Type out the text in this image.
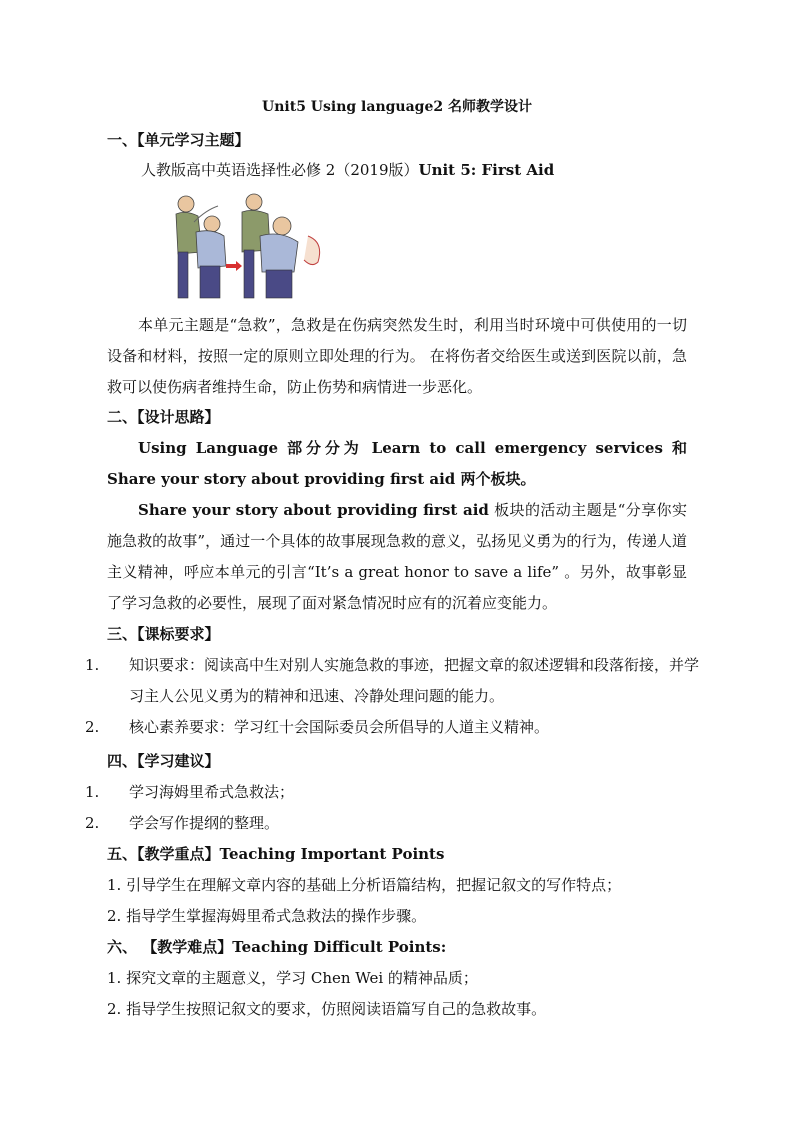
Unit5 Using language2 名师教学设计
一、【单元学习主题】
人教版高中英语选择性必修 2（2019版）Unit 5: First Aid
本单元主题是“急救”，急救是在伤病突然发生时，利用当时环境中可供使用的一切设备和材料，按照一定的原则立即处理的行为。 在将伤者交给医生或送到医院以前，急救可以使伤病者维持生命，防止伤势和病情进一步恶化。
二、【设计思路】
Using Language 部分分为 Learn to call emergency services 和 Share your story about providing first aid 两个板块。
Share your story about providing first aid 板块的活动主题是“分享你实施急救的故事”，通过一个具体的故事展现急救的意义，弘扬见义勇为的行为，传递人道主义精神，呼应本单元的引言“It’s a great honor to save a life” 。另外，故事彰显了学习急救的必要性，展现了面对紧急情况时应有的沉着应变能力。
三、【课标要求】
1. 知识要求：阅读高中生对别人实施急救的事迹，把握文章的叙述逻辑和段落衔接，并学习主人公见义勇为的精神和迅速、冷静处理问题的能力。
2. 核心素养要求：学习红十会国际委员会所倡导的人道主义精神。
四、【学习建议】
1. 学习海姆里希式急救法；
2. 学会写作提纲的整理。
五、【教学重点】Teaching Important Points
1. 引导学生在理解文章内容的基础上分析语篇结构，把握记叙文的写作特点；
2. 指导学生掌握海姆里希式急救法的操作步骤。
六、 【教学难点】Teaching Difficult Points:
1. 探究文章的主题意义，学习 Chen Wei 的精神品质；
2. 指导学生按照记叙文的要求，仿照阅读语篇写自己的急救故事。
